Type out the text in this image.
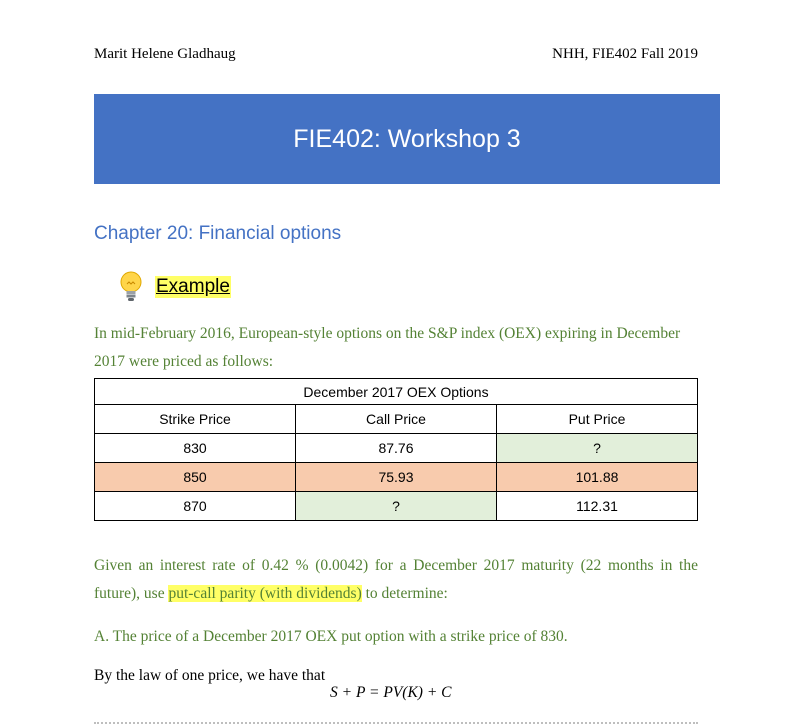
Marit Helene Gladhaug	NHH, FIE402 Fall 2019
FIE402: Workshop 3
Chapter 20: Financial options
Example
In mid-February 2016, European-style options on the S&P index (OEX) expiring in December 2017 were priced as follows:
December 2017 OEX Options		
Strike Price	Call Price	Put Price
830	87.76	?
850	75.93	101.88
870	?	112.31
Given an interest rate of 0.42 % (0.0042) for a December 2017 maturity (22 months in the future), use put-call parity (with dividends) to determine:
A. The price of a December 2017 OEX put option with a strike price of 830.
By the law of one price, we have that
S + P = PV(K) + C
